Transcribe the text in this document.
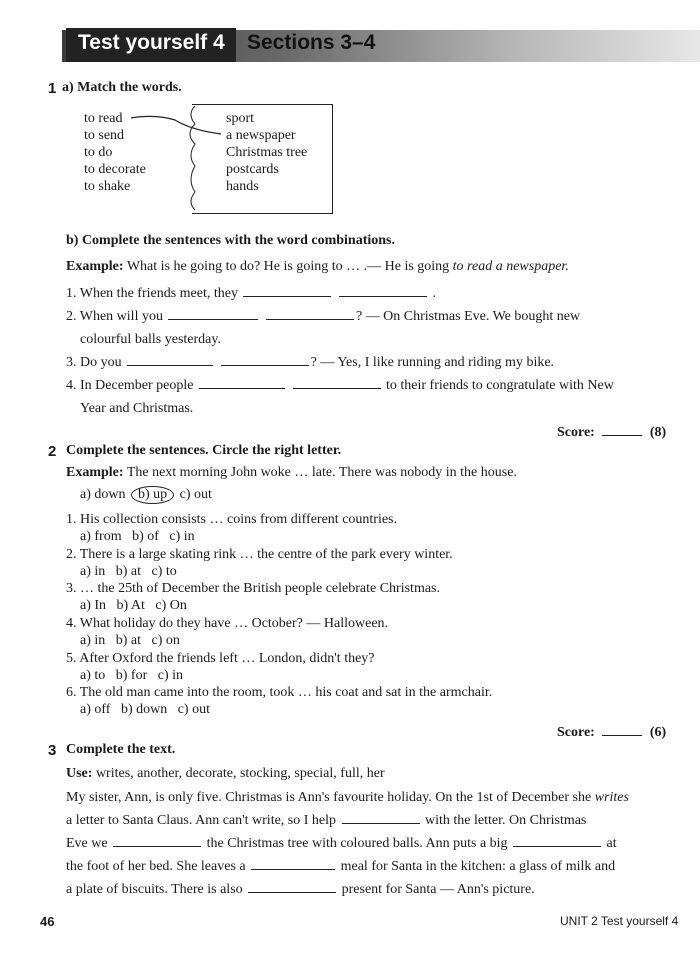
Test yourself 4 Sections 3–4
1 a) Match the words.
to read
to send
to do
to decorate
to shake
sport
a newspaper
Christmas tree
postcards
hands
b) Complete the sentences with the word combinations.
Example: What is he going to do? He is going to … .— He is going to read a newspaper.
1. When the friends meet, they	.
2. When will you	? — On Christmas Eve. We bought new
colourful balls yesterday.
3. Do you	? — Yes, I like running and riding my bike.
4. In December people	to their friends to congratulate with New
Year and Christmas.
Score:	(8)
2 Complete the sentences. Circle the right letter.
Example: The next morning John woke … late. There was nobody in the house.
a) down b) up c) out
1. His collection consists … coins from different countries.
a) from   b) of   c) in
2. There is a large skating rink … the centre of the park every winter.
a) in   b) at   c) to
3. … the 25th of December the British people celebrate Christmas.
a) In   b) At   c) On
4. What holiday do they have … October? — Halloween.
a) in   b) at   c) on
5. After Oxford the friends left … London, didn't they?
a) to   b) for   c) in
6. The old man came into the room, took … his coat and sat in the armchair.
a) off   b) down   c) out
Score:	(6)
3 Complete the text.
Use: writes, another, decorate, stocking, special, full, her
My sister, Ann, is only five. Christmas is Ann's favourite holiday. On the 1st of December she writes
a letter to Santa Claus. Ann can't write, so I help	with the letter. On Christmas
Eve we	the Christmas tree with coloured balls. Ann puts a big	at
the foot of her bed. She leaves a	meal for Santa in the kitchen: a glass of milk and
a plate of biscuits. There is also	present for Santa — Ann's picture.
46	UNIT 2 Test yourself 4
